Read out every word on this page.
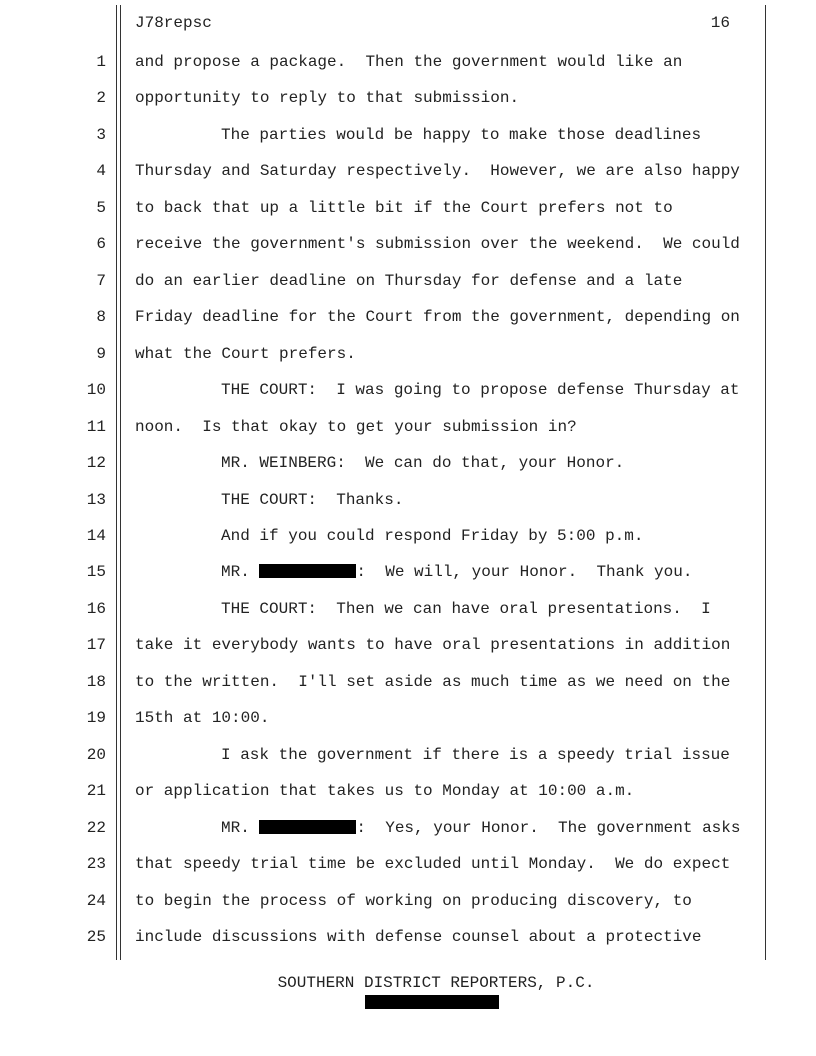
J78repsc	16
1 and propose a package.  Then the government would like an
2 opportunity to reply to that submission.
3	The parties would be happy to make those deadlines
4 Thursday and Saturday respectively.  However, we are also happy
5 to back that up a little bit if the Court prefers not to
6 receive the government's submission over the weekend.  We could
7 do an earlier deadline on Thursday for defense and a late
8 Friday deadline for the Court from the government, depending on
9 what the Court prefers.
10	THE COURT:  I was going to propose defense Thursday at
11 noon.  Is that okay to get your submission in?
12	MR. WEINBERG:  We can do that, your Honor.
13	THE COURT:  Thanks.
14	And if you could respond Friday by 5:00 p.m.
15	MR.	:  We will, your Honor.  Thank you.
16	THE COURT:  Then we can have oral presentations.  I
17 take it everybody wants to have oral presentations in addition
18 to the written.  I'll set aside as much time as we need on the
19 15th at 10:00.
20	I ask the government if there is a speedy trial issue
21 or application that takes us to Monday at 10:00 a.m.
22	MR.	:  Yes, your Honor.  The government asks
23 that speedy trial time be excluded until Monday.  We do expect
24 to begin the process of working on producing discovery, to
25 include discussions with defense counsel about a protective
SOUTHERN DISTRICT REPORTERS, P.C.
